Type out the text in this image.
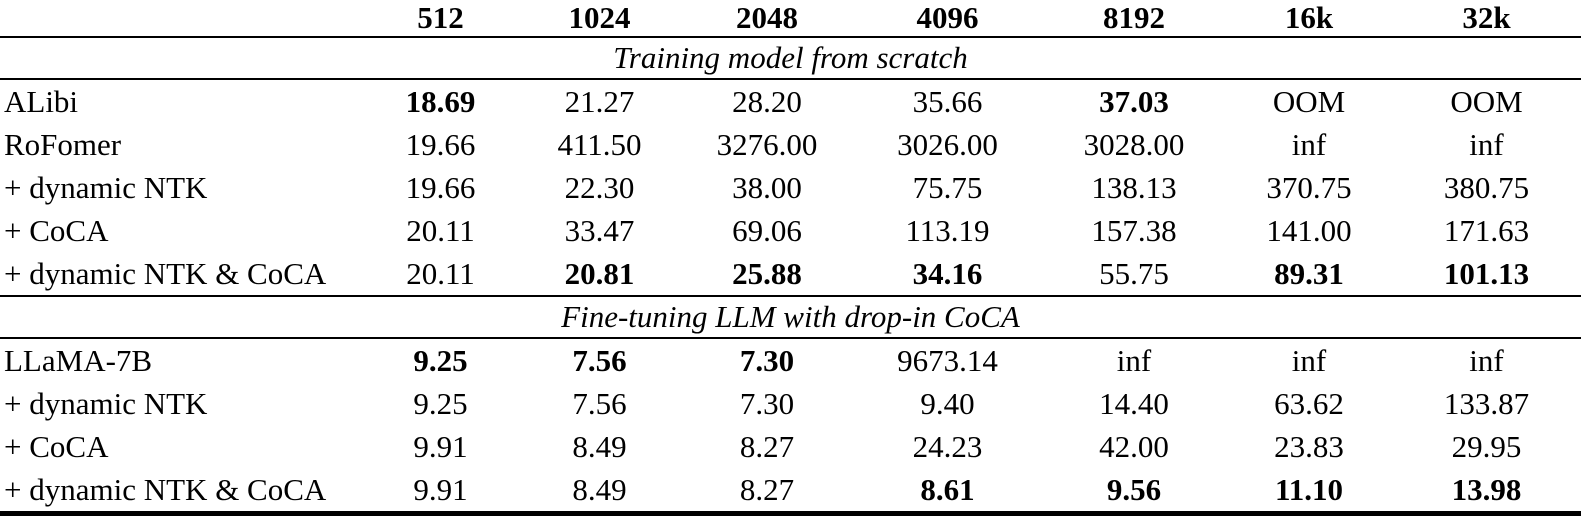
	512	1024	2048	4096	8192	16k	32k
Training model from scratch							
ALibi	18.69	21.27	28.20	35.66	37.03	OOM	OOM
RoFomer	19.66	411.50	3276.00	3026.00	3028.00	inf	inf
+ dynamic NTK	19.66	22.30	38.00	75.75	138.13	370.75	380.75
+ CoCA	20.11	33.47	69.06	113.19	157.38	141.00	171.63
+ dynamic NTK & CoCA	20.11	20.81	25.88	34.16	55.75	89.31	101.13
Fine-tuning LLM with drop-in CoCA							
LLaMA-7B	9.25	7.56	7.30	9673.14	inf	inf	inf
+ dynamic NTK	9.25	7.56	7.30	9.40	14.40	63.62	133.87
+ CoCA	9.91	8.49	8.27	24.23	42.00	23.83	29.95
+ dynamic NTK & CoCA	9.91	8.49	8.27	8.61	9.56	11.10	13.98
